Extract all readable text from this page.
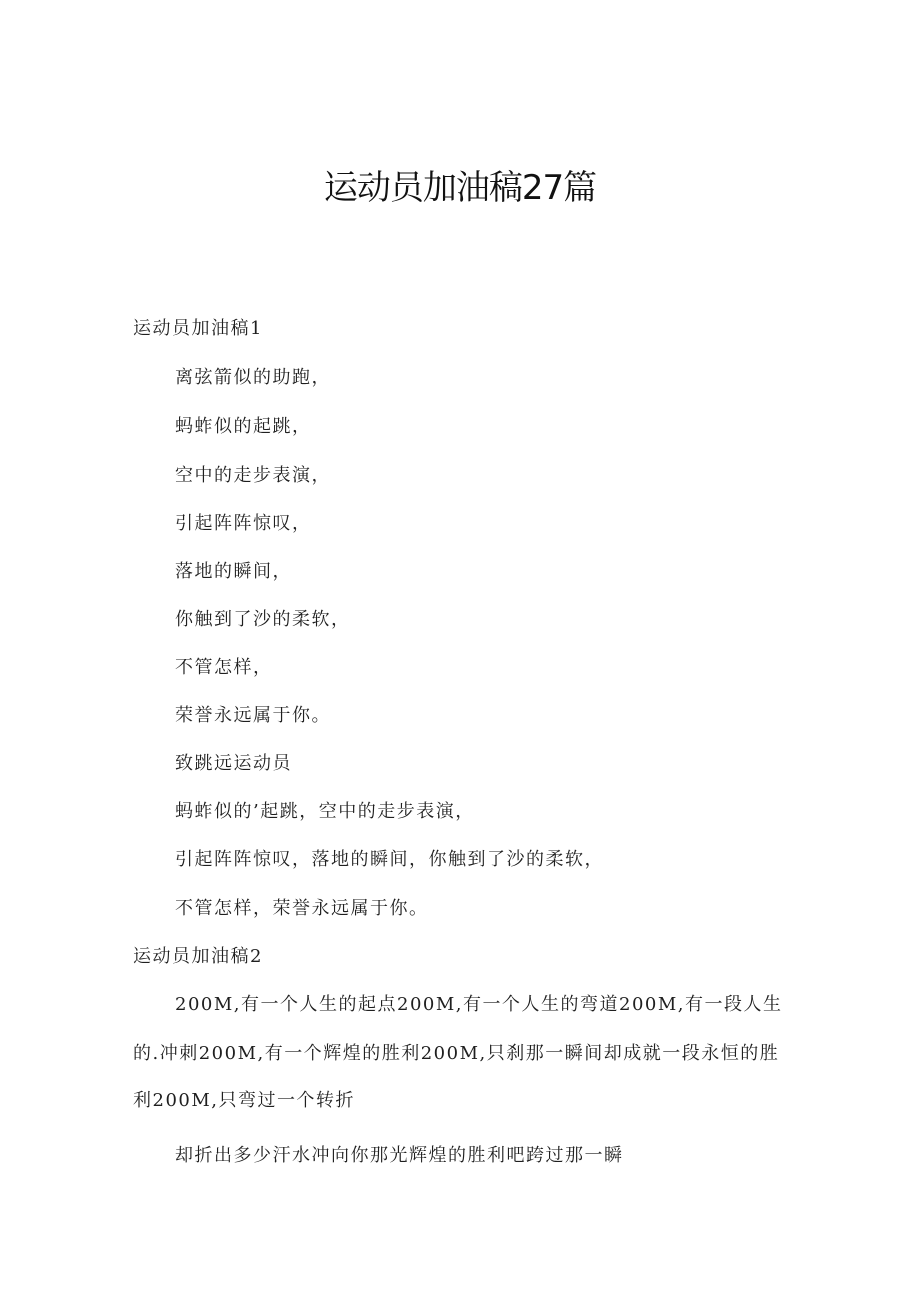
运动员加油稿27篇
运动员加油稿1
离弦箭似的助跑，
蚂蚱似的起跳，
空中的走步表演，
引起阵阵惊叹，
落地的瞬间，
你触到了沙的柔软，
不管怎样，
荣誉永远属于你。
致跳远运动员
蚂蚱似的’起跳，空中的走步表演，
引起阵阵惊叹，落地的瞬间，你触到了沙的柔软，
不管怎样，荣誉永远属于你。
运动员加油稿2
200M,有一个人生的起点200M,有一个人生的弯道200M,有一段人生
的.冲刺200M,有一个辉煌的胜利200M,只刹那一瞬间却成就一段永恒的胜
利200M,只弯过一个转折
却折出多少汗水冲向你那光辉煌的胜利吧跨过那一瞬
